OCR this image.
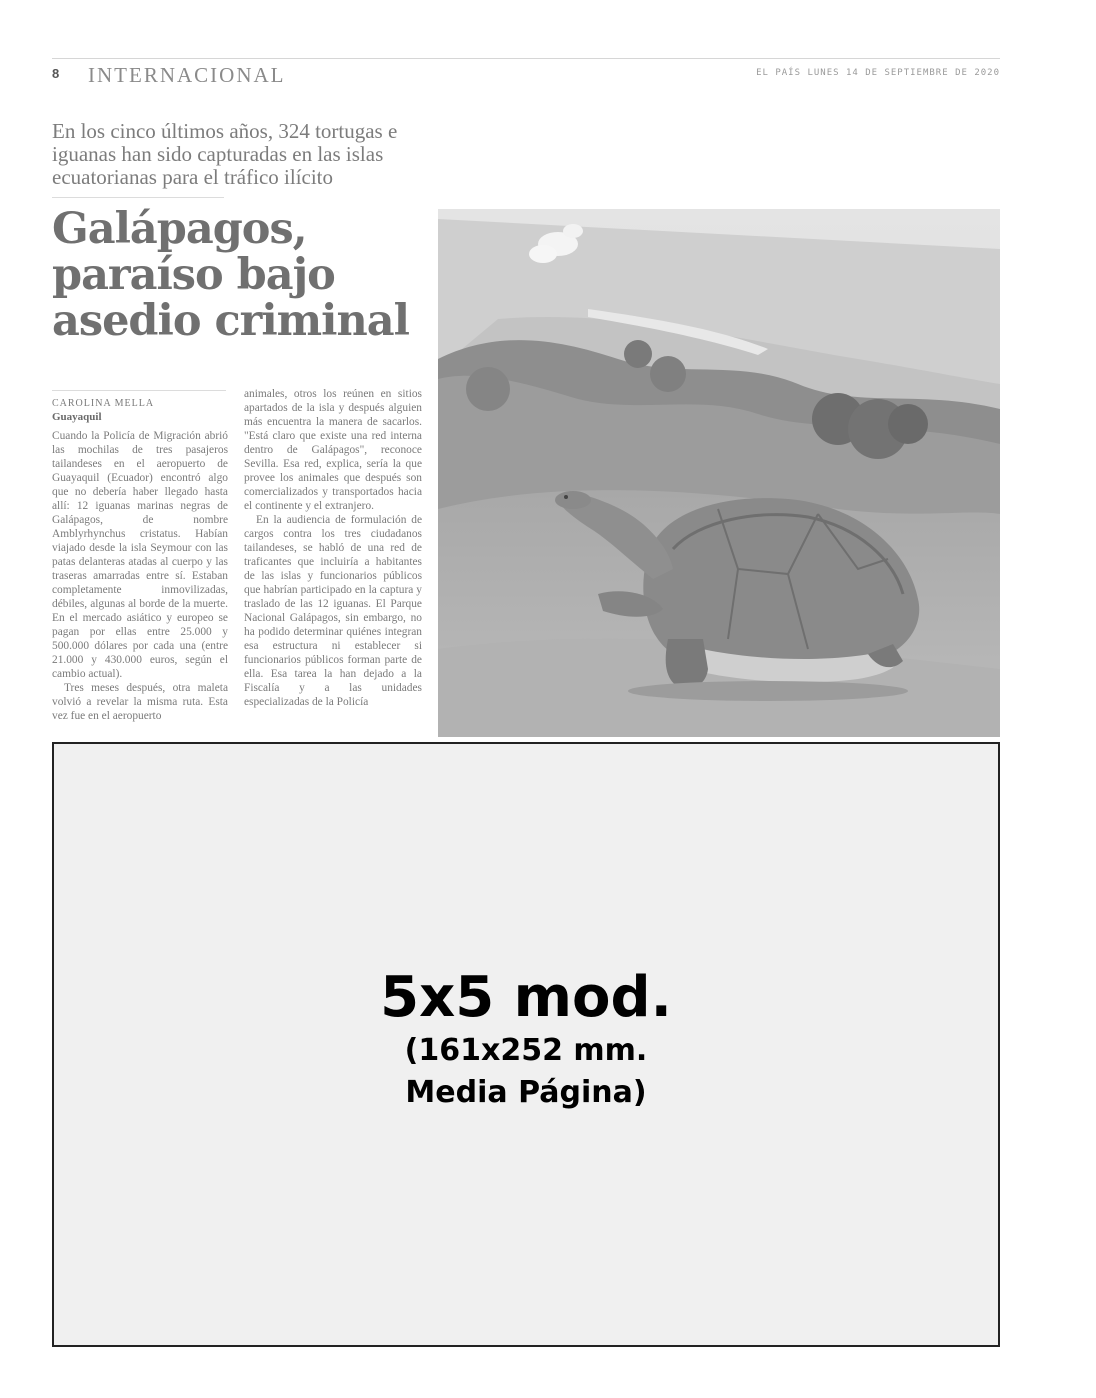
8 INTERNACIONAL	EL PAÍS LUNES 14 DE SEPTIEMBRE DE 2020
En los cinco últimos años, 324 tortugas e iguanas han sido capturadas en las islas ecuatorianas para el tráfico ilícito
Galápagos, paraíso bajo asedio criminal
CAROLINA MELLA
Guayaquil

Cuando la Policía de Migración abrió las mochilas de tres pasajeros tailandeses en el aeropuerto de Guayaquil (Ecuador) encontró algo que no debería haber llegado hasta allí: 12 iguanas marinas negras de Galápagos, de nombre Amblyrhynchus cristatus. Habían viajado desde la isla Seymour con las patas delanteras atadas al cuerpo y las traseras amarradas entre sí. Estaban completamente inmovilizadas, débiles, algunas al borde de la muerte. En el mercado asiático y europeo se pagan por ellas entre 25.000 y 500.000 dólares por cada una (entre 21.000 y 430.000 euros, según el cambio actual).

Tres meses después, otra maleta volvió a revelar la misma ruta. Esta vez fue en el aeropuerto

animales, otros los reúnen en sitios apartados de la isla y después alguien más encuentra la manera de sacarlos. "Está claro que existe una red interna dentro de Galápagos", reconoce Sevilla. Esa red, explica, sería la que provee los animales que después son comercializados y transportados hacia el continente y el extranjero.

En la audiencia de formulación de cargos contra los tres ciudadanos tailandeses, se habló de una red de traficantes que incluiría a habitantes de las islas y funcionarios públicos que habrían participado en la captura y traslado de las 12 iguanas. El Parque Nacional Galápagos, sin embargo, no ha podido determinar quiénes integran esa estructura ni establecer si funcionarios públicos forman parte de ella. Esa tarea la han dejado a la Fiscalía y a las unidades especializadas de la Policía

5x5 mod.
(161x252 mm.
Media Página)
